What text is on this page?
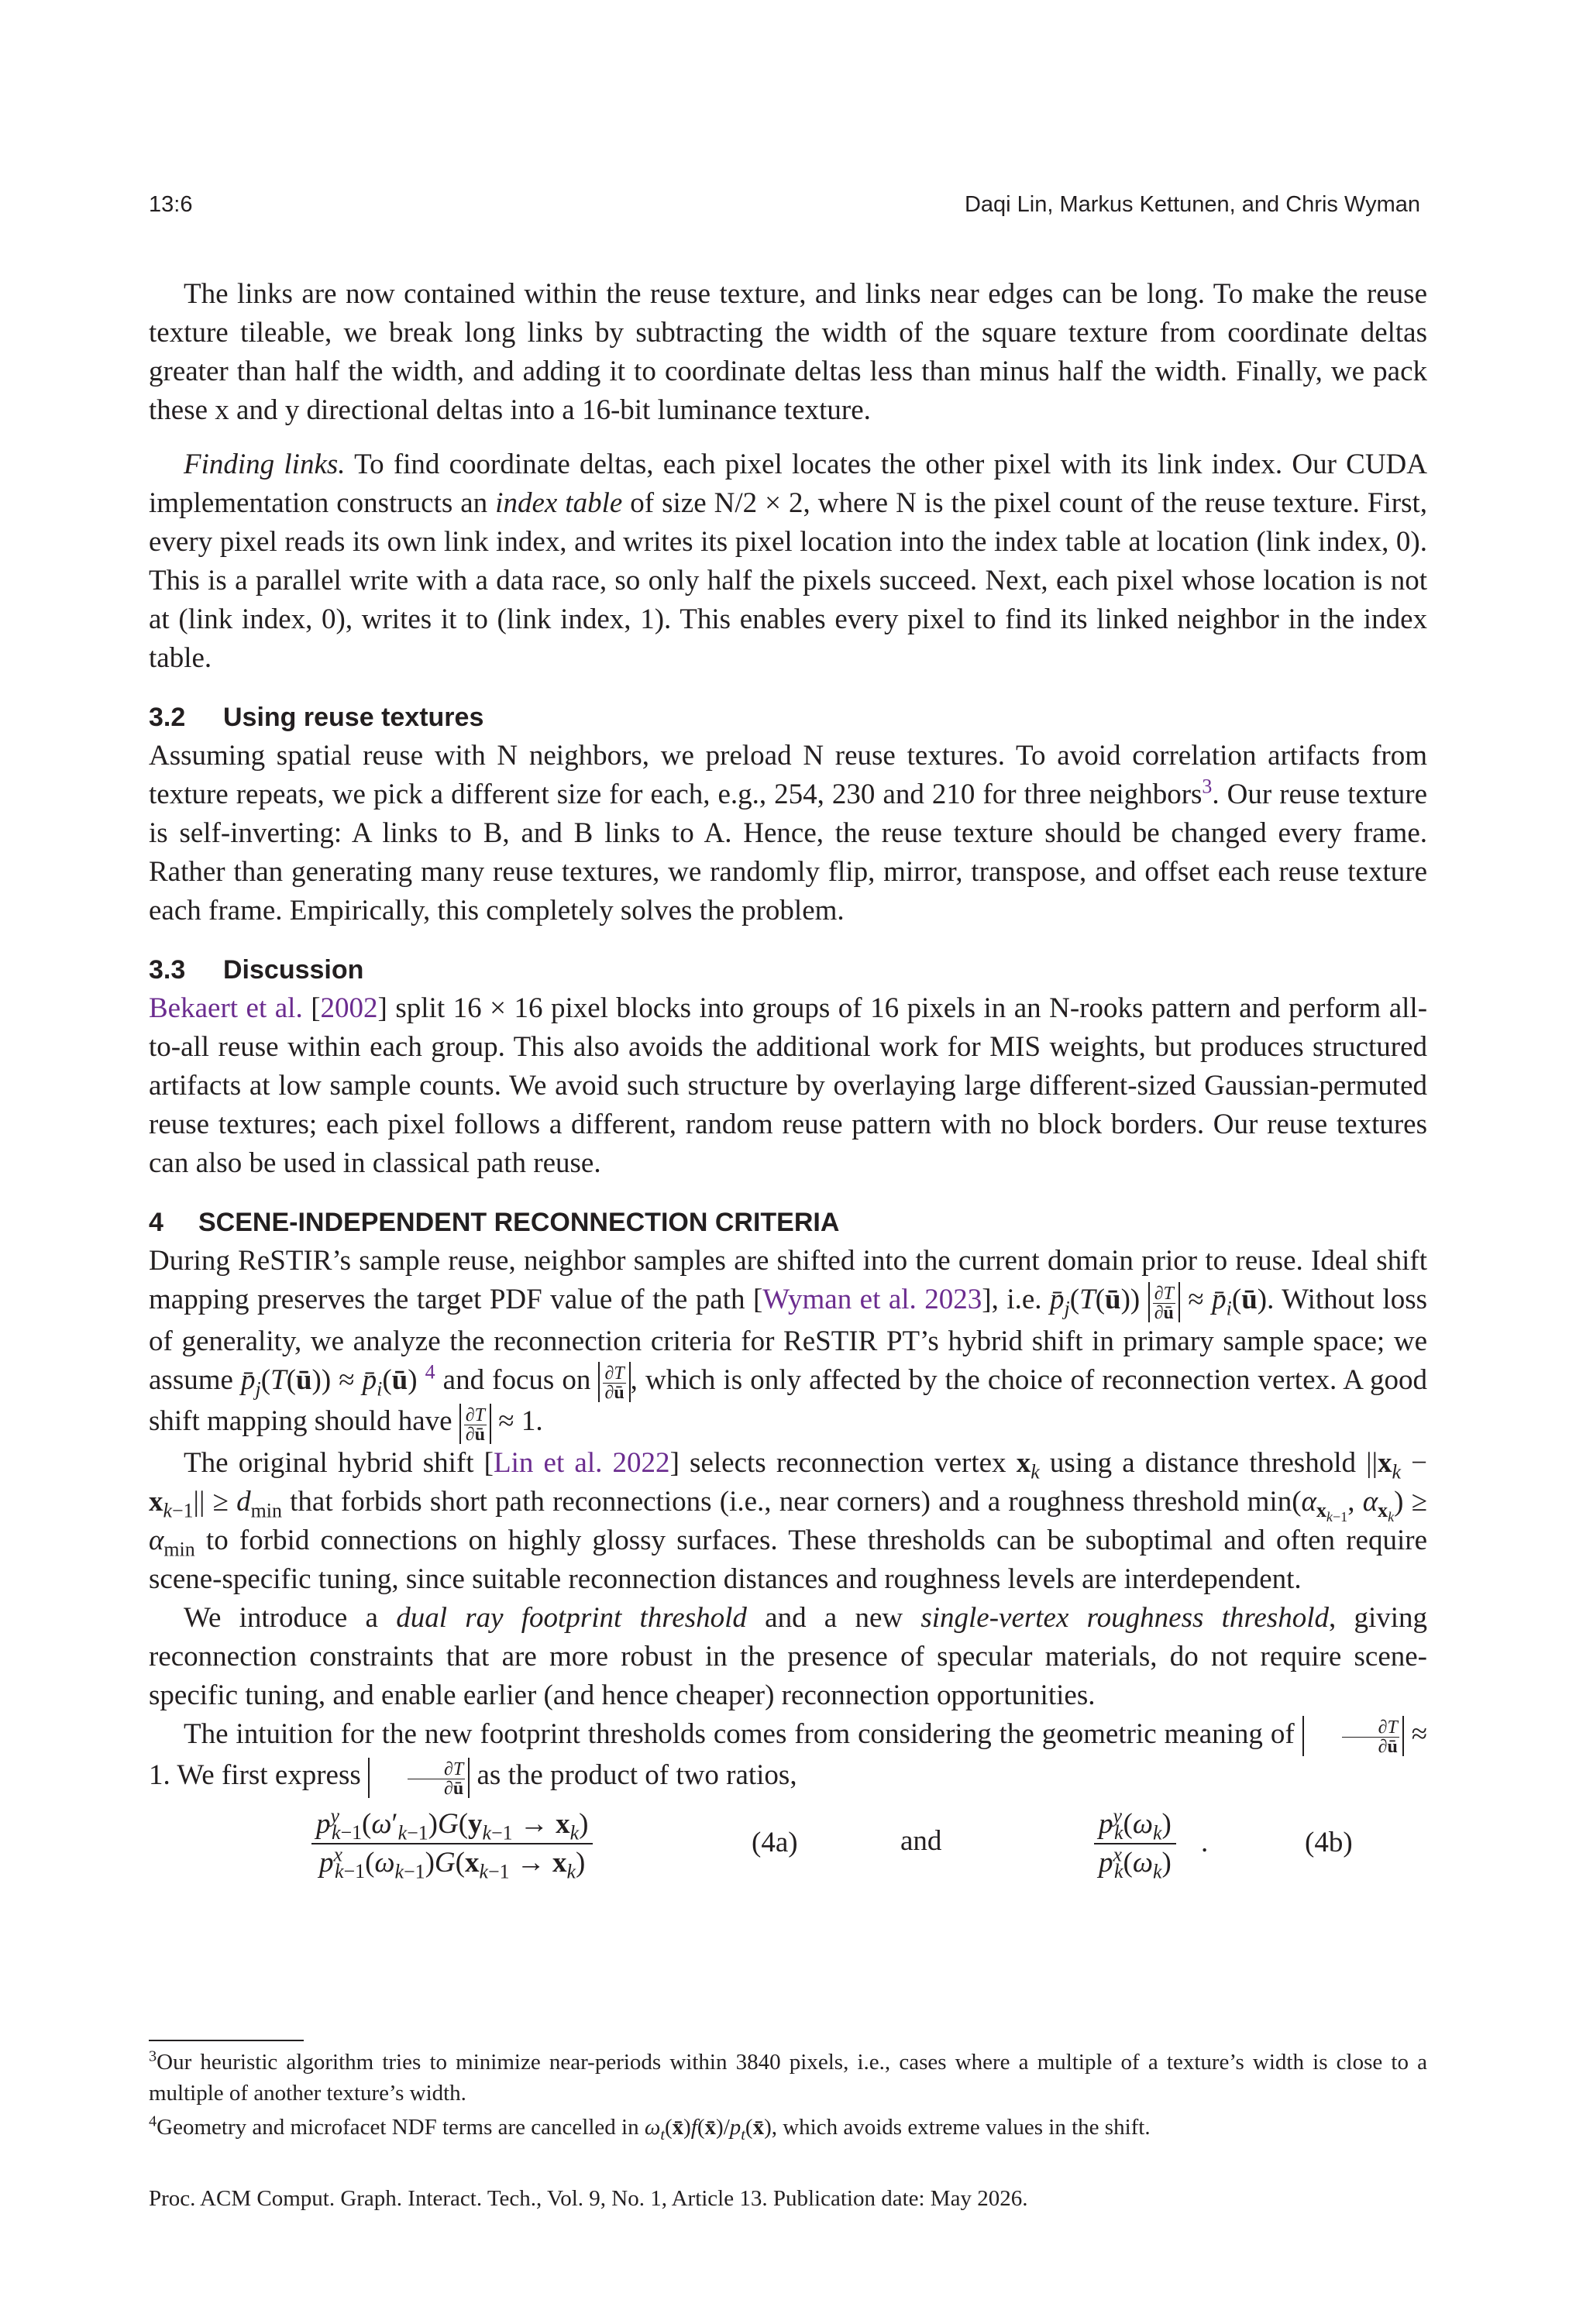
13:6	Daqi Lin, Markus Kettunen, and Chris Wyman

The links are now contained within the reuse texture, and links near edges can be long. To make the reuse texture tileable, we break long links by subtracting the width of the square texture from coordinate deltas greater than half the width, and adding it to coordinate deltas less than minus half the width. Finally, we pack these x and y directional deltas into a 16-bit luminance texture.

Finding links. To find coordinate deltas, each pixel locates the other pixel with its link index. Our CUDA implementation constructs an index table of size N/2 × 2, where N is the pixel count of the reuse texture. First, every pixel reads its own link index, and writes its pixel location into the index table at location (link index, 0). This is a parallel write with a data race, so only half the pixels succeed. Next, each pixel whose location is not at (link index, 0), writes it to (link index, 1). This enables every pixel to find its linked neighbor in the index table.

3.2 Using reuse textures

Assuming spatial reuse with N neighbors, we preload N reuse textures. To avoid correlation artifacts from texture repeats, we pick a different size for each, e.g., 254, 230 and 210 for three neighbors$^3$. Our reuse texture is self-inverting: A links to B, and B links to A. Hence, the reuse texture should be changed every frame. Rather than generating many reuse textures, we randomly flip, mirror, transpose, and offset each reuse texture each frame. Empirically, this completely solves the problem.

3.3 Discussion

Bekaert et al. [2002] split 16 × 16 pixel blocks into groups of 16 pixels in an N-rooks pattern and perform all-to-all reuse within each group. This also avoids the additional work for MIS weights, but produces structured artifacts at low sample counts. We avoid such structure by overlaying large different-sized Gaussian-permuted reuse textures; each pixel follows a different, random reuse pattern with no block borders. Our reuse textures can also be used in classical path reuse.

4 SCENE-INDEPENDENT RECONNECTION CRITERIA

During ReSTIR’s sample reuse, neighbor samples are shifted into the current domain prior to reuse. Ideal shift mapping preserves the target PDF value of the path [Wyman et al. 2023], i.e. $p̄_j(T(ū)) \frac{\partial T}{\partial ū}$ ≈ $p̄_i(ū)$. Without loss of generality, we analyze the reconnection criteria for ReSTIR PT’s hybrid shift in primary sample space; we assume $p̄_j(T(ū))$ ≈ $p̄_i(ū)$ $^4$ and focus on $\frac{\partial T}{\partial ū}$ , which is only affected by the choice of reconnection vertex. A good shift mapping should have $\frac{\partial T}{\partial ū} \approx 1$.

The original hybrid shift [Lin et al. 2022] selects reconnection vertex $x_k$ using a distance threshold $||x_k - x_{k-1}|| \ge d_{min}$ that forbids short path reconnections (i.e., near corners) and a roughness threshold $\min(\alpha_{x_{k-1}}$, $\alpha_{x_k}) \ge \alpha_{min}$ to forbid connections on highly glossy surfaces. These thresholds can be suboptimal and often require scene-specific tuning, since suitable reconnection distances and roughness levels are interdependent.

We introduce a dual ray footprint threshold and a new single-vertex roughness threshold, giving reconnection constraints that are more robust in the presence of specular materials, do not require scene-specific tuning, and enable earlier (and hence cheaper) reconnection opportunities.

The intuition for the new footprint thresholds comes from considering the geometric meaning of	$\frac{\partial T}{\partial ū} \approx 1$. We first express	$\frac{\partial T}{\partial ū}$ as the product of two ratios,

$p^y_{k-1}(\omega'_{k-1})G(y_{k-1} \to x_k)$
$p^x_{k-1}(\omega_{k-1})G(x_{k-1} \to x_k)$
(4a)	and
$p^y_k(\omega_k)$
$p^x_k(\omega_k)$
.	(4b)
$^3$Our heuristic algorithm tries to minimize near-periods within 3840 pixels, i.e., cases where a multiple of a texture’s width is close to a multiple of another texture’s width.
$^4$Geometry and microfacet NDF terms are cancelled in $\omega_t(x̄)f(x̄)/p_t(x̄)$, which avoids extreme values in the shift.
Proc. ACM Comput. Graph. Interact. Tech., Vol. 9, No. 1, Article 13. Publication date: May 2026.
